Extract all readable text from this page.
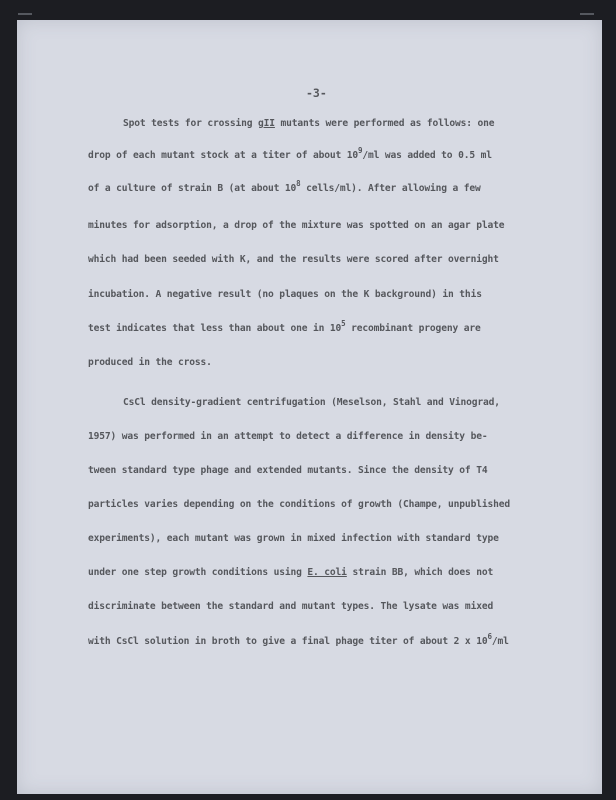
-3-
Spot tests for crossing gII mutants were performed as follows: one
drop of each mutant stock at a titer of about $10^9/ml$ was added to 0.5 ml
of a culture of strain B (at about $10^8$ cells/ml). After allowing a few
minutes for adsorption, a drop of the mixture was spotted on an agar plate
which had been seeded with K, and the results were scored after overnight
incubation. A negative result (no plaques on the K background) in this
test indicates that less than about one in $10^5$ recombinant progeny are
produced in the cross.
CsCl density-gradient centrifugation (Meselson, Stahl and Vinograd,
1957) was performed in an attempt to detect a difference in density be-
tween standard type phage and extended mutants. Since the density of T4
particles varies depending on the conditions of growth (Champe, unpublished
experiments), each mutant was grown in mixed infection with standard type
under one step growth conditions using E. coli strain BB, which does not
discriminate between the standard and mutant types. The lysate was mixed
with CsCl solution in broth to give a final phage titer of about 2 x $10^6/ml$
